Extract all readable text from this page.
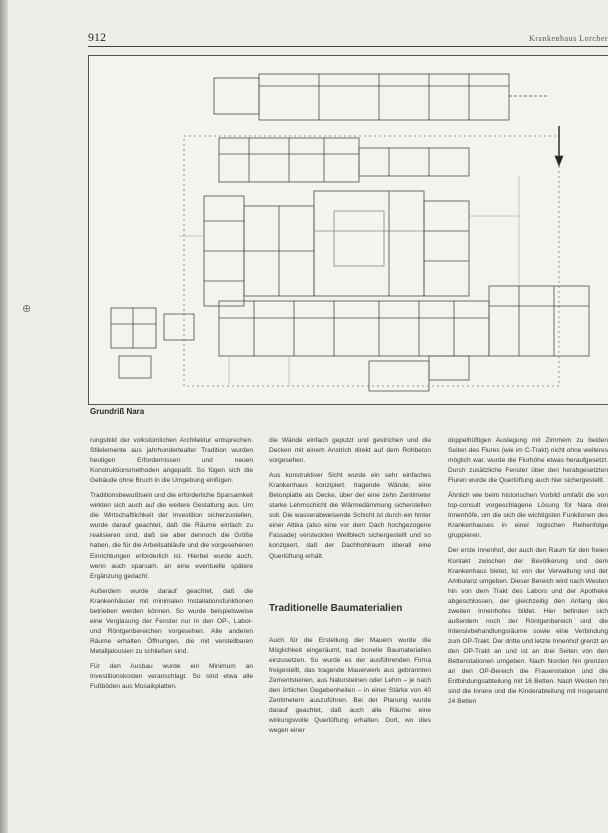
912	Krankenhaus Lorcher
⊕
Grundriß Nara

rungsbild der volkstümlichen Architektur entsprechen. Stilelemente aus jahrhundertealter Tradition wurden heutigen Erfordernissen und neuen Konstruktionsmethoden angepaßt. So fügen sich die Gebäude ohne Bruch in die Umgebung einfügen.

Traditionsbewußtsein und die erforderliche Sparsamkeit wirkten sich auch auf die weitere Gestaltung aus. Um die Wirtschaftlichkeit der Investition sicherzustellen, wurde darauf geachtet, daß die Räume einfach zu realisieren sind, daß sie aber dennoch die Größe haben, die für die Arbeitsabläufe und die vorgesehenen Einrichtungen erforderlich ist. Hierbei wurde auch, wenn auch sparsam, an eine eventuelle spätere Ergänzung gedacht.

Außerdem wurde darauf geachtet, daß die Krankenhäuser mit minimalen Installationsfunktionen betrieben werden können. So wurde beispielsweise eine Verglasung der Fenster nur in den OP-, Labor- und Röntgenbereichen vorgesehen. Alle anderen Räume erhalten Öffnungen, die mit verstellbaren Metalljalousien zu schließen sind.

Für den Ausbau wurde ein Minimum an Investitionskosten veranschlagt. So sind etwa alle Fußböden aus Mosaikplatten,

die Wände einfach geputzt und gestrichen und die Decken mit einem Anstrich direkt auf dem Rohbeton vorgesehen.

Aus konstruktiver Sicht wurde ein sehr einfaches Krankenhaus konzipiert. tragende Wände, eine Betonplatte als Decke, über der eine zehn Zentimeter starke Lehmschicht die Wärmedämmung sicherstellen soll. Die wasserabweisende Schicht ist durch ein hinter einer Attika (also eine vor dem Dach hochgezogene Fassade) versteckten Wellblech sichergestellt und so konzipiert, daß der Dachhohlraum überall eine Querlüftung erhält.

Traditionelle Baumaterialien

Auch für die Erstellung der Mauern wurde die Möglichkeit eingeräumt, trad bonelle Baumaterialien einzusetzen. So wurde es der ausführenden Firma freigestellt, das tragende Mauerwerk aus gebrannten Zementsteinen, aus Natursteinen oder Lehm – je nach den örtlichen Gegebenheiten – in einer Stärke von 40 Zentimetern auszuführen. Bei der Planung wurde darauf geachtet, daß auch alle Räume eine wirkungsvolle Querlüftung erhalten. Dort, wo dies wegen einer

doppelhüftigen Auslegung mit Zimmern zu beiden Seiten des Flures (wie im C-Trakt) nicht ohne weiteres möglich war, wurde die Flurhöhe etwas heraufgesetzt. Durch zusätzliche Fenster über den herabgesetzten Fluren wurde die Querlüftung auch hier sichergestellt.

Ähnlich wie beim historischen Vorbild umfaßt die von top-consult vorgeschlagene Lösung für Nara drei Innenhöfe, um die sich die wichtigsten Funktionen des Krankenhauses in einer logischen Reihenfolge gruppieren.

Der erste Innenhof, der auch den Raum für den freien Kontakt zwischen der Bevölkerung und dem Krankenhaus bietet, ist von der Verwaltung und der Ambulanz umgeben. Dieser Bereich wird nach Westen hin von dem Trakt des Labors und der Apotheke abgeschlossen, der gleichzeitig den Anfang des zweiten Innenhofes bildet. Hier befinden sich außerdem noch der Röntgenbereich und die Intensivbehandlungsräume sowie eine Verbindung zum OP-Trakt. Der dritte und letzte Innenhof grenzt an den OP-Trakt an und ist an drei Seiten von den Bettenstationen umgeben. Nach Norden hin grenzen an den OP-Bereich die Frauenstation und die Entbindungsabteilung mit 16 Betten. Nach Westen hin sind die Innere und die Kinderabteilung mit insgesamt 24 Betten
